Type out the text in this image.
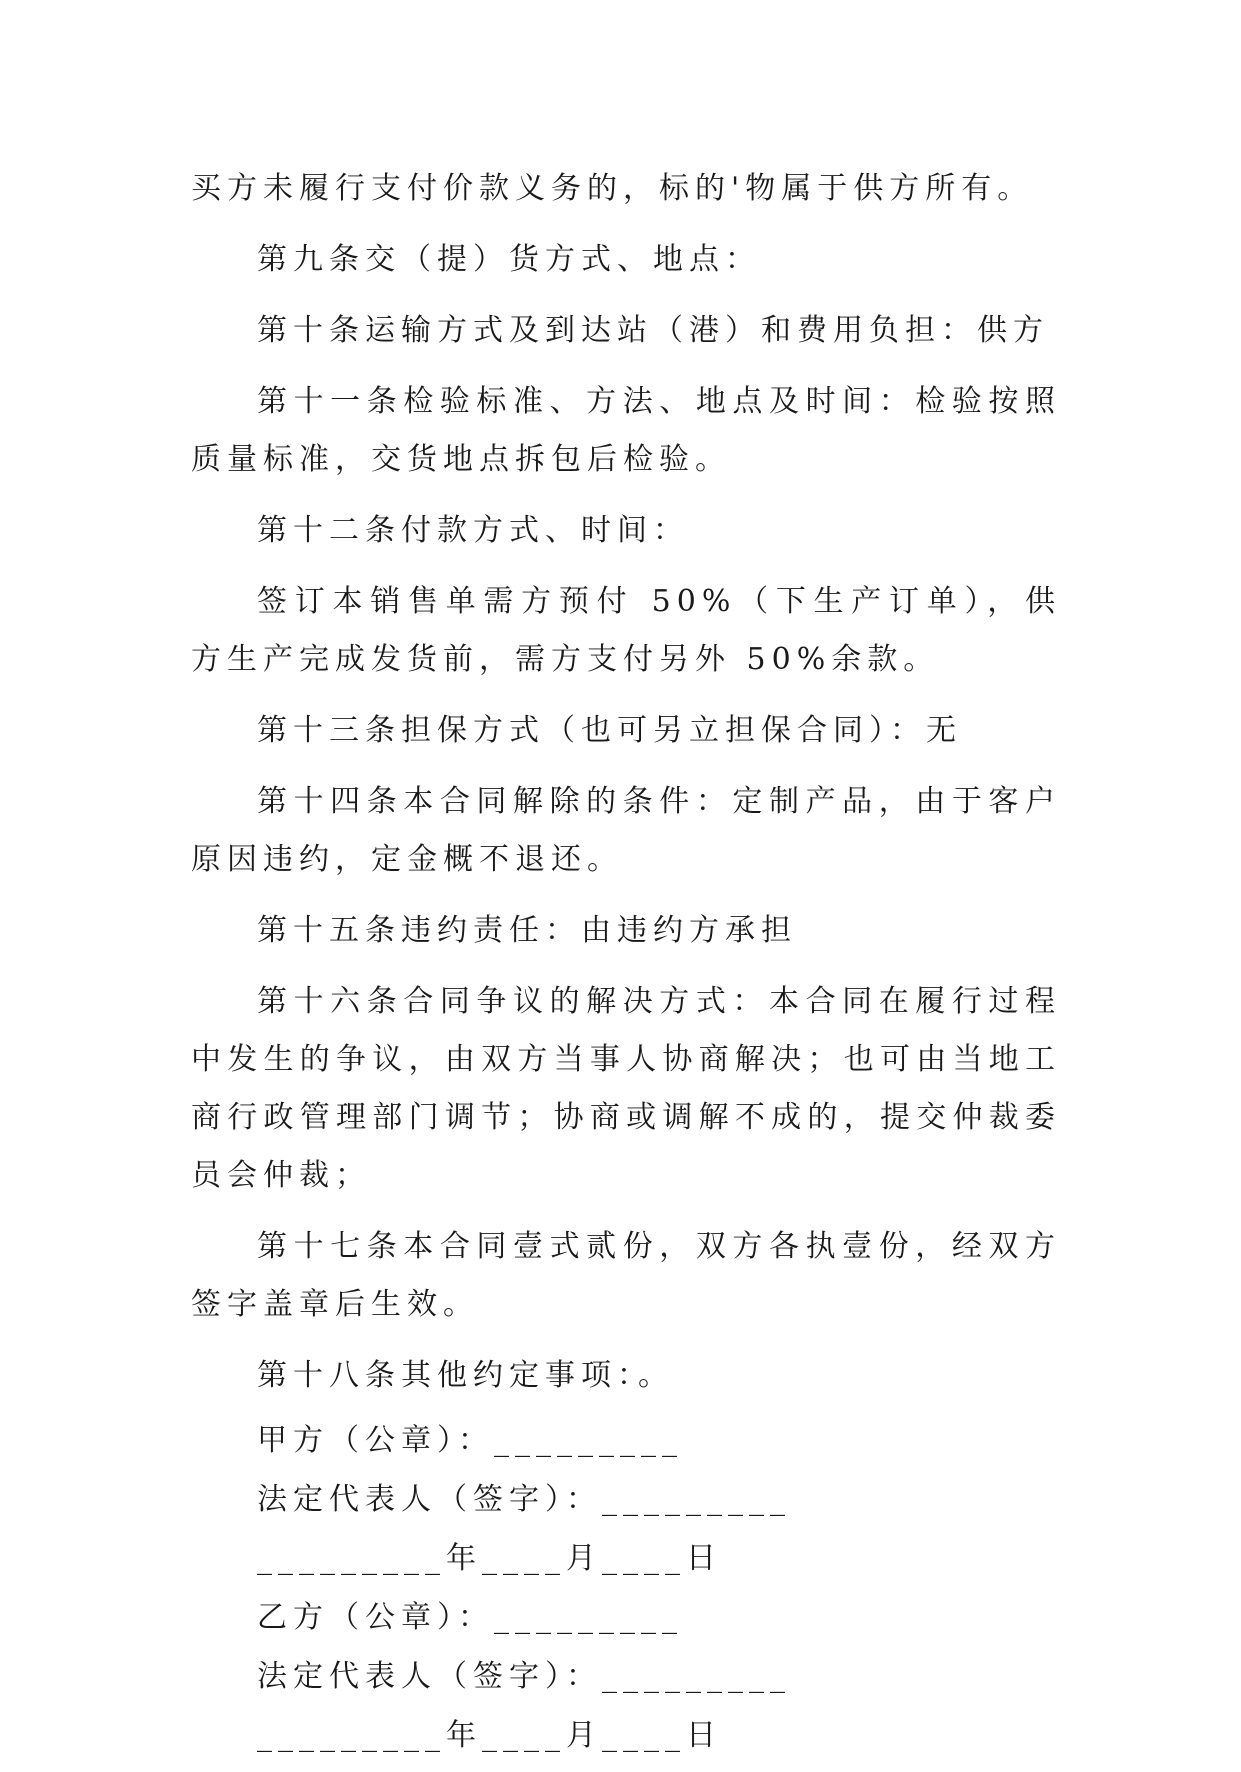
买方未履行支付价款义务的，标的'物属于供方所有。

第九条交（提）货方式、地点：

第十条运输方式及到达站（港）和费用负担：供方

第十一条检验标准、方法、地点及时间：检验按照质量标准，交货地点拆包后检验。

第十二条付款方式、时间：

签订本销售单需方预付 50%（下生产订单），供方生产完成发货前，需方支付另外 50%余款。

第十三条担保方式（也可另立担保合同）：无

第十四条本合同解除的条件：定制产品，由于客户原因违约，定金概不退还。

第十五条违约责任：由违约方承担

第十六条合同争议的解决方式：本合同在履行过程中发生的争议，由双方当事人协商解决；也可由当地工商行政管理部门调节；协商或调解不成的，提交仲裁委员会仲裁；

第十七条本合同壹式贰份，双方各执壹份，经双方签字盖章后生效。

第十八条其他约定事项：。

甲方（公章）：_________
法定代表人（签字）：_________
_________年____月____日
乙方（公章）：_________
法定代表人（签字）：_________
_________年____月____日
